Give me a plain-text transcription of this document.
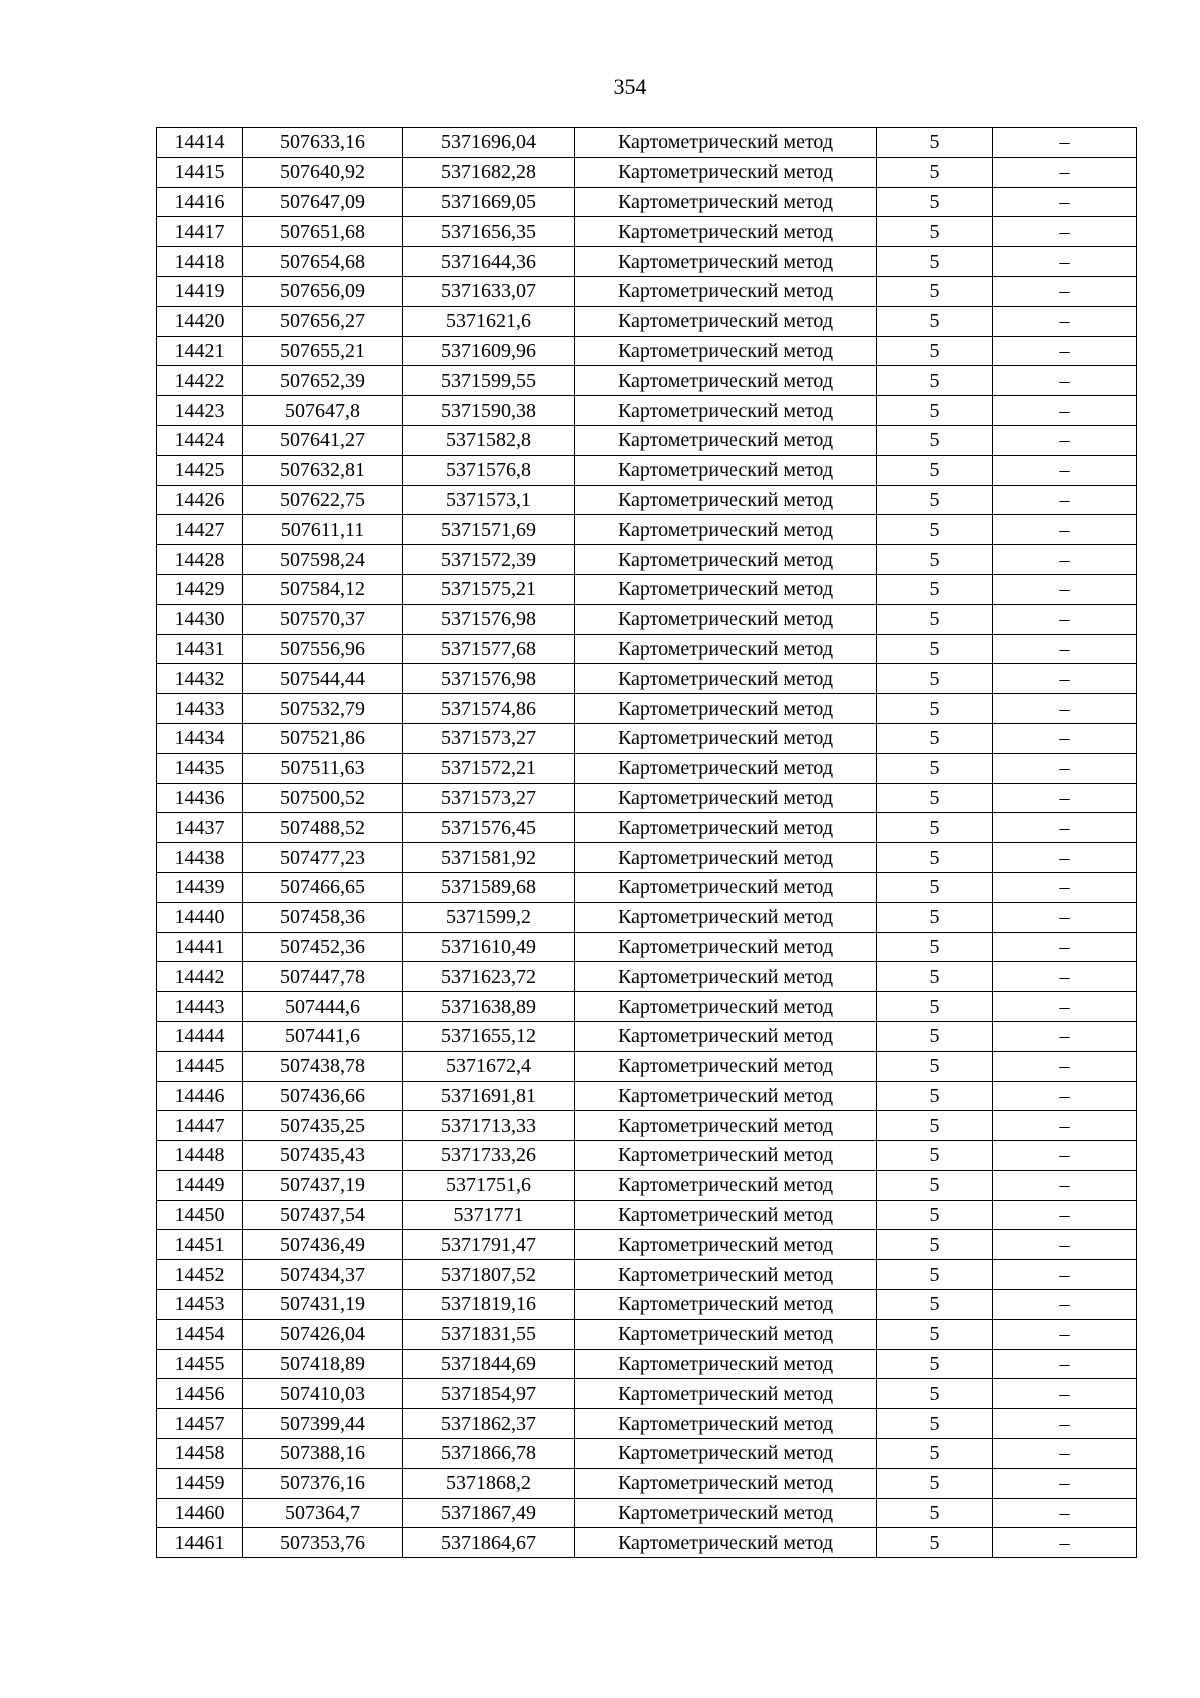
354
14414	507633,16	5371696,04	Картометрический метод	5	–
14415	507640,92	5371682,28	Картометрический метод	5	–
14416	507647,09	5371669,05	Картометрический метод	5	–
14417	507651,68	5371656,35	Картометрический метод	5	–
14418	507654,68	5371644,36	Картометрический метод	5	–
14419	507656,09	5371633,07	Картометрический метод	5	–
14420	507656,27	5371621,6	Картометрический метод	5	–
14421	507655,21	5371609,96	Картометрический метод	5	–
14422	507652,39	5371599,55	Картометрический метод	5	–
14423	507647,8	5371590,38	Картометрический метод	5	–
14424	507641,27	5371582,8	Картометрический метод	5	–
14425	507632,81	5371576,8	Картометрический метод	5	–
14426	507622,75	5371573,1	Картометрический метод	5	–
14427	507611,11	5371571,69	Картометрический метод	5	–
14428	507598,24	5371572,39	Картометрический метод	5	–
14429	507584,12	5371575,21	Картометрический метод	5	–
14430	507570,37	5371576,98	Картометрический метод	5	–
14431	507556,96	5371577,68	Картометрический метод	5	–
14432	507544,44	5371576,98	Картометрический метод	5	–
14433	507532,79	5371574,86	Картометрический метод	5	–
14434	507521,86	5371573,27	Картометрический метод	5	–
14435	507511,63	5371572,21	Картометрический метод	5	–
14436	507500,52	5371573,27	Картометрический метод	5	–
14437	507488,52	5371576,45	Картометрический метод	5	–
14438	507477,23	5371581,92	Картометрический метод	5	–
14439	507466,65	5371589,68	Картометрический метод	5	–
14440	507458,36	5371599,2	Картометрический метод	5	–
14441	507452,36	5371610,49	Картометрический метод	5	–
14442	507447,78	5371623,72	Картометрический метод	5	–
14443	507444,6	5371638,89	Картометрический метод	5	–
14444	507441,6	5371655,12	Картометрический метод	5	–
14445	507438,78	5371672,4	Картометрический метод	5	–
14446	507436,66	5371691,81	Картометрический метод	5	–
14447	507435,25	5371713,33	Картометрический метод	5	–
14448	507435,43	5371733,26	Картометрический метод	5	–
14449	507437,19	5371751,6	Картометрический метод	5	–
14450	507437,54	5371771	Картометрический метод	5	–
14451	507436,49	5371791,47	Картометрический метод	5	–
14452	507434,37	5371807,52	Картометрический метод	5	–
14453	507431,19	5371819,16	Картометрический метод	5	–
14454	507426,04	5371831,55	Картометрический метод	5	–
14455	507418,89	5371844,69	Картометрический метод	5	–
14456	507410,03	5371854,97	Картометрический метод	5	–
14457	507399,44	5371862,37	Картометрический метод	5	–
14458	507388,16	5371866,78	Картометрический метод	5	–
14459	507376,16	5371868,2	Картометрический метод	5	–
14460	507364,7	5371867,49	Картометрический метод	5	–
14461	507353,76	5371864,67	Картометрический метод	5	–
